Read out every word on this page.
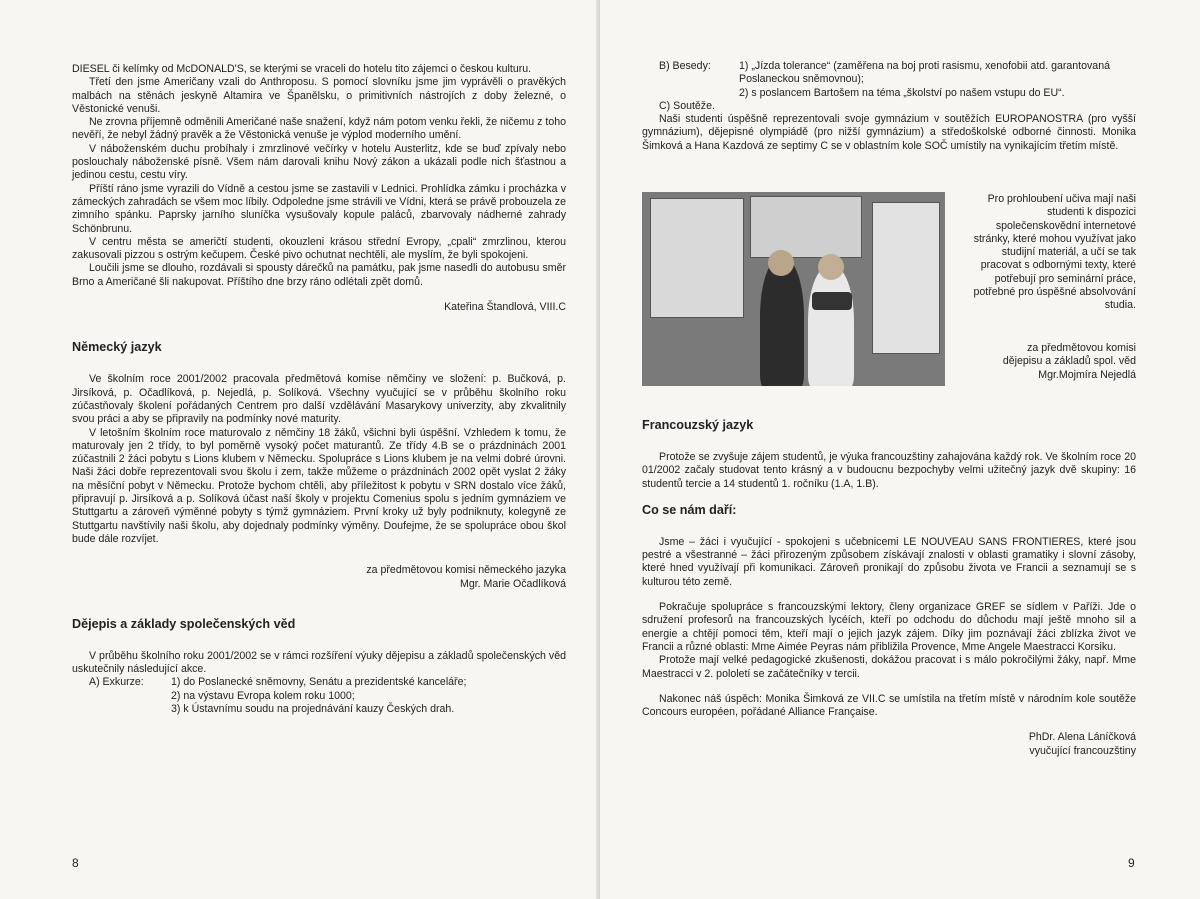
DIESEL či kelímky od McDONALD'S, se kterými se vraceli do hotelu tito zájemci o českou kulturu.

Třetí den jsme Američany vzali do Anthroposu. S pomocí slovníku jsme jim vyprávěli o pravěkých malbách na stěnách jeskyně Altamira ve Španělsku, o primitivních nástrojích z doby železné, o Věstonické venuši.

Ne zrovna příjemně odměnili Američané naše snažení, když nám potom venku řekli, že ničemu z toho nevěří, že nebyl žádný pravěk a že Věstonická venuše je výplod moderního umění.

V náboženském duchu probíhaly i zmrzlinové večírky v hotelu Austerlitz, kde se buď zpívaly nebo poslouchaly náboženské písně. Všem nám darovali knihu Nový zákon a ukázali podle nich šťastnou a jedinou cestu, cestu víry.

Příští ráno jsme vyrazili do Vídně a cestou jsme se zastavili v Lednici. Prohlídka zámku i procházka v zámeckých zahradách se všem moc líbily. Odpoledne jsme strávili ve Vídni, která se právě probouzela ze zimního spánku. Paprsky jarního sluníčka vysušovaly kopule paláců, zbarvovaly nádherné zahrady Schönbrunu.

V centru města se američtí studenti, okouzleni krásou střední Evropy, „cpali“ zmrzlinou, kterou zakusovali pizzou s ostrým kečupem. České pivo ochutnat nechtěli, ale myslím, že byli spokojeni.

Loučili jsme se dlouho, rozdávali si spousty dárečků na památku, pak jsme nasedli do autobusu směr Brno a Američané šli nakupovat. Příštího dne brzy ráno odlétali zpět domů.

Kateřina Štandlová, VIII.C

Německý jazyk

Ve školním roce 2001/2002 pracovala předmětová komise němčiny ve složení: p. Bučková, p. Jirsíková, p. Očadlíková, p. Nejedlá, p. Solíková. Všechny vyučující se v průběhu školního roku zúčastňovaly školení pořádaných Centrem pro další vzdělávání Masarykovy univerzity, aby zkvalitnily svou práci a aby se připravily na podmínky nové maturity.

V letošním školním roce maturovalo z němčiny 18 žáků, všichni byli úspěšní. Vzhledem k tomu, že maturovaly jen 2 třídy, to byl poměrně vysoký počet maturantů. Ze třídy 4.B se o prázdninách 2001 zúčastnili 2 žáci pobytu s Lions klubem v Německu. Spolupráce s Lions klubem je na velmi dobré úrovni. Naši žáci dobře reprezentovali svou školu i zem, takže můžeme o prázdninách 2002 opět vyslat 2 žáky na měsíční pobyt v Německu. Protože bychom chtěli, aby příležitost k pobytu v SRN dostalo více žáků, připravují p. Jirsíková a p. Solíková účast naší školy v projektu Comenius spolu s jedním gymnáziem ve Stuttgartu a zároveň výměnné pobyty s týmž gymnáziem. První kroky už byly podniknuty, kolegyně ze Stuttgartu navštívily naši školu, aby dojednaly podmínky výměny. Doufejme, že se spolupráce obou škol bude dále rozvíjet.

za předmětovou komisi německého jazyka

Mgr. Marie Očadlíková

Dějepis a základy společenských věd

V průběhu školního roku 2001/2002 se v rámci rozšíření výuky dějepisu a základů společenských věd uskutečnily následující akce.

A) Exkurze:	1) do Poslanecké sněmovny, Senátu a prezidentské kanceláře;
2) na výstavu Evropa kolem roku 1000;
3) k Ústavnímu soudu na projednávání kauzy Českých drah.
8
B) Besedy:	1) „Jízda tolerance“ (zaměřena na boj proti rasismu, xenofobii atd. garantovaná Poslaneckou sněmovnou);
2) s poslancem Bartošem na téma „školství po našem vstupu do EU“.

C) Soutěže.

Naši studenti úspěšně reprezentovali svoje gymnázium v soutěžích EUROPANOSTRA (pro vyšší gymnázium), dějepisné olympiádě (pro nižší gymnázium) a středoškolské odborné činnosti. Monika Šimková a Hana Kazdová ze septimy C se v oblastním kole SOČ umístily na vynikajícím třetím místě.

Pro prohloubení učiva mají naši studenti k dispozici společenskovědní internetové stránky, které mohou využívat jako studijní materiál, a učí se tak pracovat s odbornými texty, které potřebují pro seminární práce, potřebné pro úspěšné absolvování studia.

za předmětovou komisi
dějepisu a základů spol. věd
Mgr.Mojmíra Nejedlá
Francouzský jazyk

Protože se zvyšuje zájem studentů, je výuka francouzštiny zahajována každý rok. Ve školním roce 20 01/2002 začaly studovat tento krásný a v budoucnu bezpochyby velmi užitečný jazyk dvě skupiny: 16 studentů tercie a 14 studentů 1. ročníku (1.A, 1.B).

Co se nám daří:

Jsme – žáci i vyučující - spokojeni s učebnicemi LE NOUVEAU SANS FRONTIERES, které jsou pestré a všestranné – žáci přirozeným způsobem získávají znalosti v oblasti gramatiky i slovní zásoby, které hned využívají při komunikaci. Zároveň pronikají do způsobu života ve Francii a seznamují se s kulturou této země.

Pokračuje spolupráce s francouzskými lektory, členy organizace GREF se sídlem v Paříži. Jde o sdružení profesorů na francouzských lycéích, kteří po odchodu do důchodu mají ještě mnoho sil a energie a chtějí pomoci těm, kteří mají o jejich jazyk zájem. Díky jim poznávají žáci zblízka život ve Francii a různé oblasti: Mme Aimée Peyras nám přibližila Provence, Mme Angele Maestracci Korsiku.

Protože mají velké pedagogické zkušenosti, dokážou pracovat i s málo pokročilými žáky, např. Mme Maestracci v 2. pololetí se začátečníky v tercii.

Nakonec náš úspěch: Monika Šimková ze VII.C se umístila na třetím místě v národním kole soutěže Concours européen, pořádané Alliance Française.

PhDr. Alena Láníčková

vyučující francouzštiny

9
